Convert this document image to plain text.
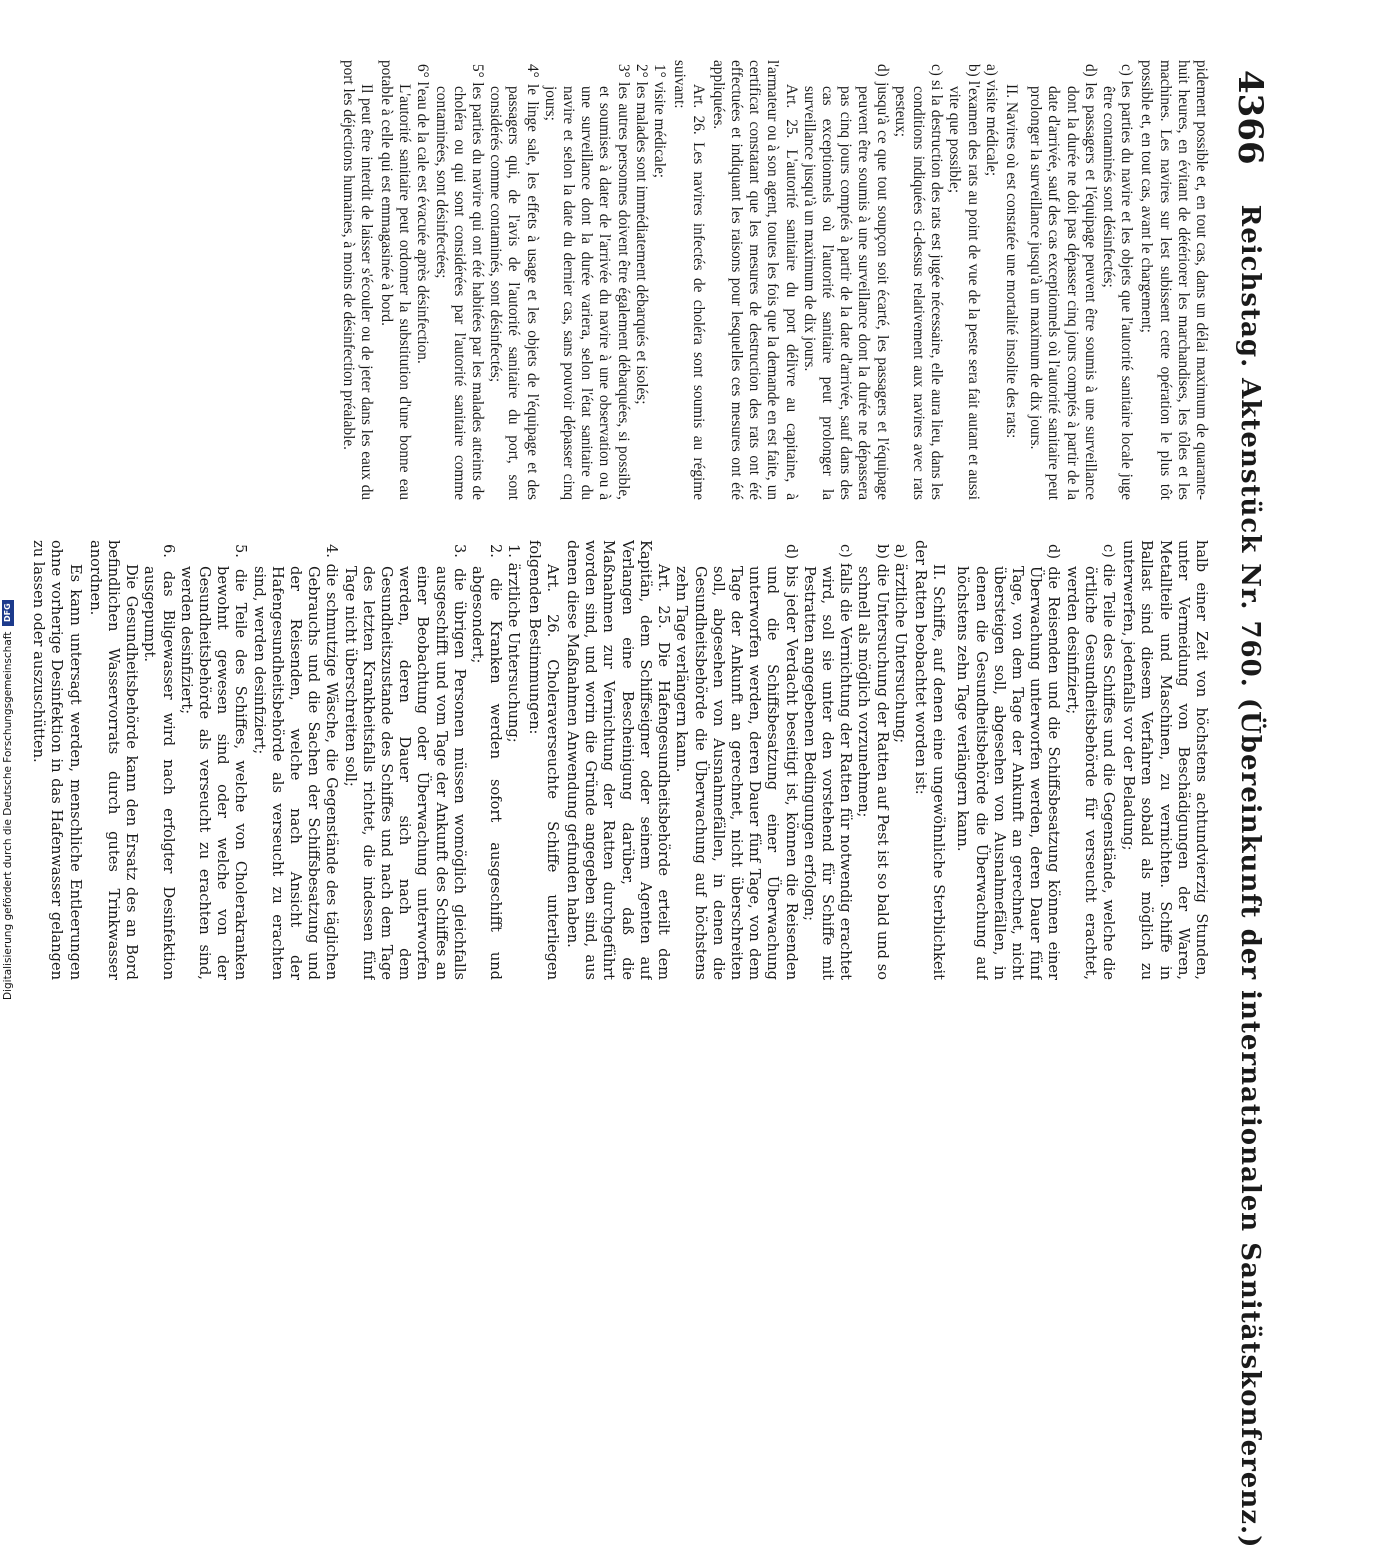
4366
Reichstag. Aktenstück Nr. 760. (Übereinkunft der internationalen Sanitätskonferenz.)

pidement possible et, en tout cas, dans un délai maximum de quarante-huit heures, en évitant de détériorer les marchandises, les tôles et les machines. Les navires sur lest subissent cette opération le plus tôt possible et, en tout cas, avant le chargement;

c) les parties du navire et les objets que l'autorité sanitaire locale juge être contaminés sont désinfectés;

d) les passagers et l'équipage peuvent être soumis à une surveillance dont la durée ne doit pas dépasser cinq jours comptés à partir de la date d'arrivée, sauf des cas exceptionnels où l'autorité sanitaire peut prolonger la surveillance jusqu'à un maximum de dix jours.

II. Navires où est constatée une mortalité insolite des rats:

a) visite médicale;

b) l'examen des rats au point de vue de la peste sera fait autant et aussi vite que possible;

c) si la destruction des rats est jugée nécessaire, elle aura lieu, dans les conditions indiquées ci-dessus relativement aux navires avec rats pesteux;

d) jusqu'à ce que tout soupçon soit écarté, les passagers et l'équipage peuvent être soumis à une surveillance dont la durée ne dépassera pas cinq jours comptés à partir de la date d'arrivée, sauf dans des cas exceptionnels où l'autorité sanitaire peut prolonger la surveillance jusqu'à un maximum de dix jours.

Art. 25. L'autorité sanitaire du port délivre au capitaine, à l'armateur ou à son agent, toutes les fois que la demande en est faite, un certificat constatant que les mesures de destruction des rats ont été effectuées et indiquant les raisons pour lesquelles ces mesures ont été appliquées.

Art. 26. Les navires infectés de choléra sont soumis au régime suivant:

1° visite médicale;

2° les malades sont immédiatement débarqués et isolés;

3° les autres personnes doivent être également débarquées, si possible, et soumises à dater de l'arrivée du navire à une observation ou à une surveillance dont la durée variera, selon l'état sanitaire du navire et selon la date du dernier cas, sans pouvoir dépasser cinq jours;

4° le linge sale, les effets à usage et les objets de l'équipage et des passagers qui, de l'avis de l'autorité sanitaire du port, sont considérés comme contaminés, sont désinfectés;

5° les parties du navire qui ont été habitées par les malades atteints de choléra ou qui sont considérées par l'autorité sanitaire comme contaminées, sont désinfectées;

6° l'eau de la cale est évacuée après désinfection.

L'autorité sanitaire peut ordonner la substitution d'une bonne eau potable à celle qui est emmagasinée à bord.

Il peut être interdit de laisser s'écouler ou de jeter dans les eaux du port les déjections humaines, à moins de désinfection préalable.

halb einer Zeit von höchstens achtundvierzig Stunden, unter Vermeidung von Beschädigungen der Waren, Metallteile und Maschinen, zu vernichten. Schiffe in Ballast sind diesem Verfahren sobald als möglich zu unterwerfen, jedenfalls vor der Beladung;

c) die Teile des Schiffes und die Gegenstände, welche die örtliche Gesundheitsbehörde für verseucht erachtet, werden desinfiziert;

d) die Reisenden und die Schiffsbesatzung können einer Überwachung unterworfen werden, deren Dauer fünf Tage, von dem Tage der Ankunft an gerechnet, nicht übersteigen soll, abgesehen von Ausnahmefällen, in denen die Gesundheitsbehörde die Überwachung auf höchstens zehn Tage verlängern kann.

II. Schiffe, auf denen eine ungewöhnliche Sterblichkeit der Ratten beobachtet worden ist:

a) ärztliche Untersuchung;

b) die Untersuchung der Ratten auf Pest ist so bald und so schnell als möglich vorzunehmen;

c) falls die Vernichtung der Ratten für notwendig erachtet wird, soll sie unter den vorstehend für Schiffe mit Pestratten angegebenen Bedingungen erfolgen;

d) bis jeder Verdacht beseitigt ist, können die Reisenden und die Schiffsbesatzung einer Überwachung unterworfen werden, deren Dauer fünf Tage, von dem Tage der Ankunft an gerechnet, nicht überschreiten soll, abgesehen von Ausnahmefällen, in denen die Gesundheitsbehörde die Überwachung auf höchstens zehn Tage verlängern kann.

Art. 25. Die Hafengesundheitsbehörde erteilt dem Kapitän, dem Schiffseigner oder seinem Agenten auf Verlangen eine Bescheinigung darüber, daß die Maßnahmen zur Vernichtung der Ratten durchgeführt worden sind, und worin die Gründe angegeben sind, aus denen diese Maßnahmen Anwendung gefunden haben.

Art. 26. Choleraverseuchte Schiffe unterliegen folgenden Bestimmungen:

1. ärztliche Untersuchung;

2. die Kranken werden sofort ausgeschifft und abgesondert;

3. die übrigen Personen müssen womöglich gleichfalls ausgeschifft und vom Tage der Ankunft des Schiffes an einer Beobachtung oder Überwachung unterworfen werden, deren Dauer sich nach dem Gesundheitszustande des Schiffes und nach dem Tage des letzten Krankheitsfalls richtet, die indessen fünf Tage nicht überschreiten soll;

4. die schmutzige Wäsche, die Gegenstände des täglichen Gebrauchs und die Sachen der Schiffsbesatzung und der Reisenden, welche nach Ansicht der Hafengesundheitsbehörde als verseucht zu erachten sind, werden desinfiziert;

5. die Teile des Schiffes, welche von Cholerakranken bewohnt gewesen sind oder welche von der Gesundheitsbehörde als verseucht zu erachten sind, werden desinfiziert;

6. das Bilgewasser wird nach erfolgter Desinfektion ausgepumpt.

Die Gesundheitsbehörde kann den Ersatz des an Bord befindlichen Wasservorrats durch gutes Trinkwasser anordnen.

Es kann untersagt werden, menschliche Entleerungen ohne vorherige Desinfektion in das Hafenwasser gelangen zu lassen oder auszuschütten.

Digitalisierung gefördert durch die Deutsche Forschungsgemeinschaft
DFG
